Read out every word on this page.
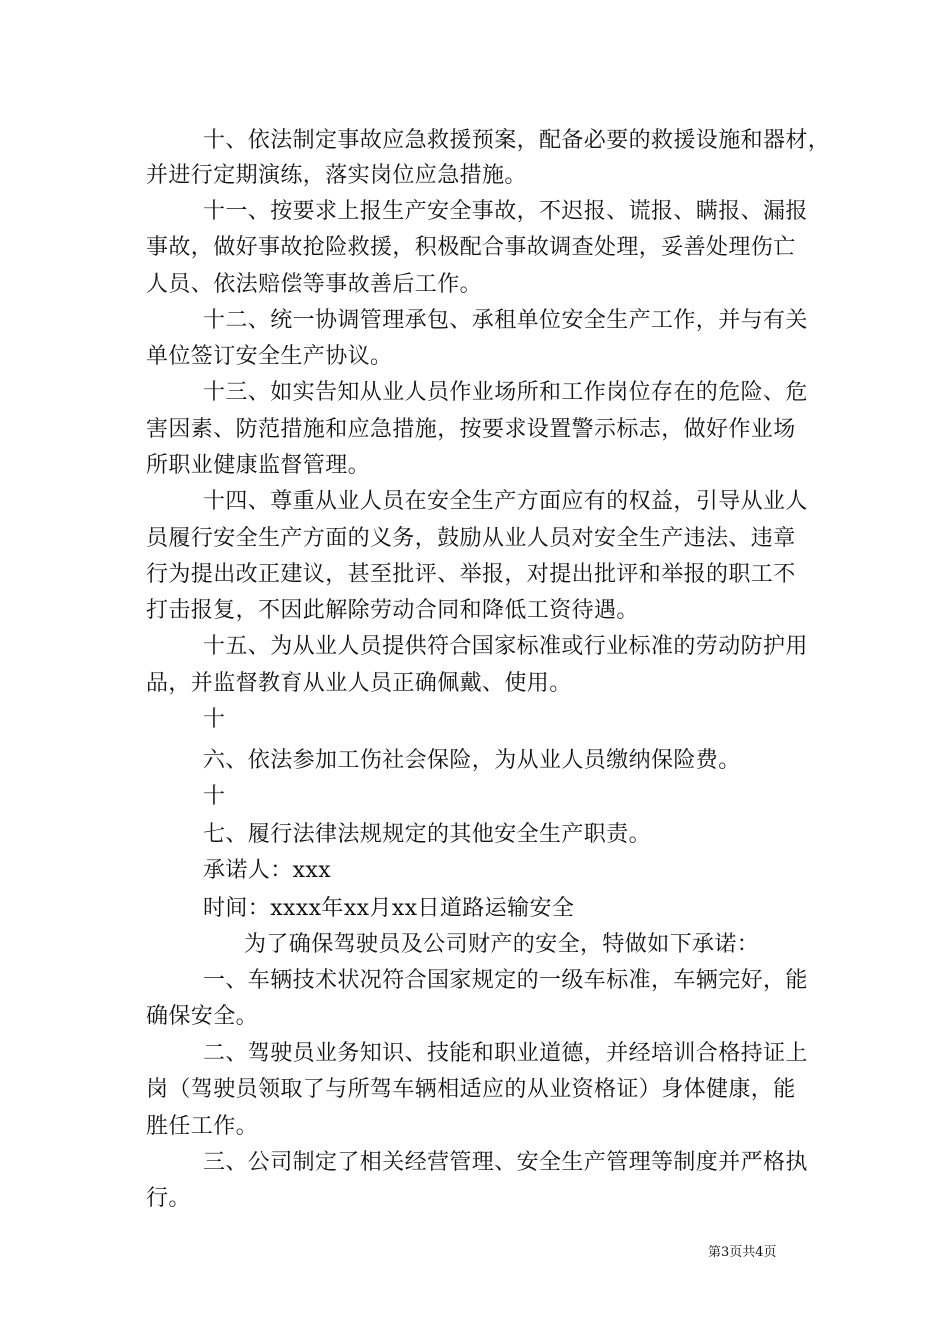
十、依法制定事故应急救援预案，配备必要的救援设施和器材，
并进行定期演练，落实岗位应急措施。
十一、按要求上报生产安全事故，不迟报、谎报、瞒报、漏报
事故，做好事故抢险救援，积极配合事故调查处理，妥善处理伤亡
人员、依法赔偿等事故善后工作。
十二、统一协调管理承包、承租单位安全生产工作，并与有关
单位签订安全生产协议。
十三、如实告知从业人员作业场所和工作岗位存在的危险、危
害因素、防范措施和应急措施，按要求设置警示标志，做好作业场
所职业健康监督管理。
十四、尊重从业人员在安全生产方面应有的权益，引导从业人
员履行安全生产方面的义务，鼓励从业人员对安全生产违法、违章
行为提出改正建议，甚至批评、举报，对提出批评和举报的职工不
打击报复，不因此解除劳动合同和降低工资待遇。
十五、为从业人员提供符合国家标准或行业标准的劳动防护用
品，并监督教育从业人员正确佩戴、使用。
十
六、依法参加工伤社会保险，为从业人员缴纳保险费。
十
七、履行法律法规规定的其他安全生产职责。
承诺人：xxx
时间：xxxx年xx月xx日道路运输安全
为了确保驾驶员及公司财产的安全，特做如下承诺：
一、车辆技术状况符合国家规定的一级车标准，车辆完好，能
确保安全。
二、驾驶员业务知识、技能和职业道德，并经培训合格持证上
岗（驾驶员领取了与所驾车辆相适应的从业资格证）身体健康，能
胜任工作。
三、公司制定了相关经营管理、安全生产管理等制度并严格执
行。
第3页共4页
